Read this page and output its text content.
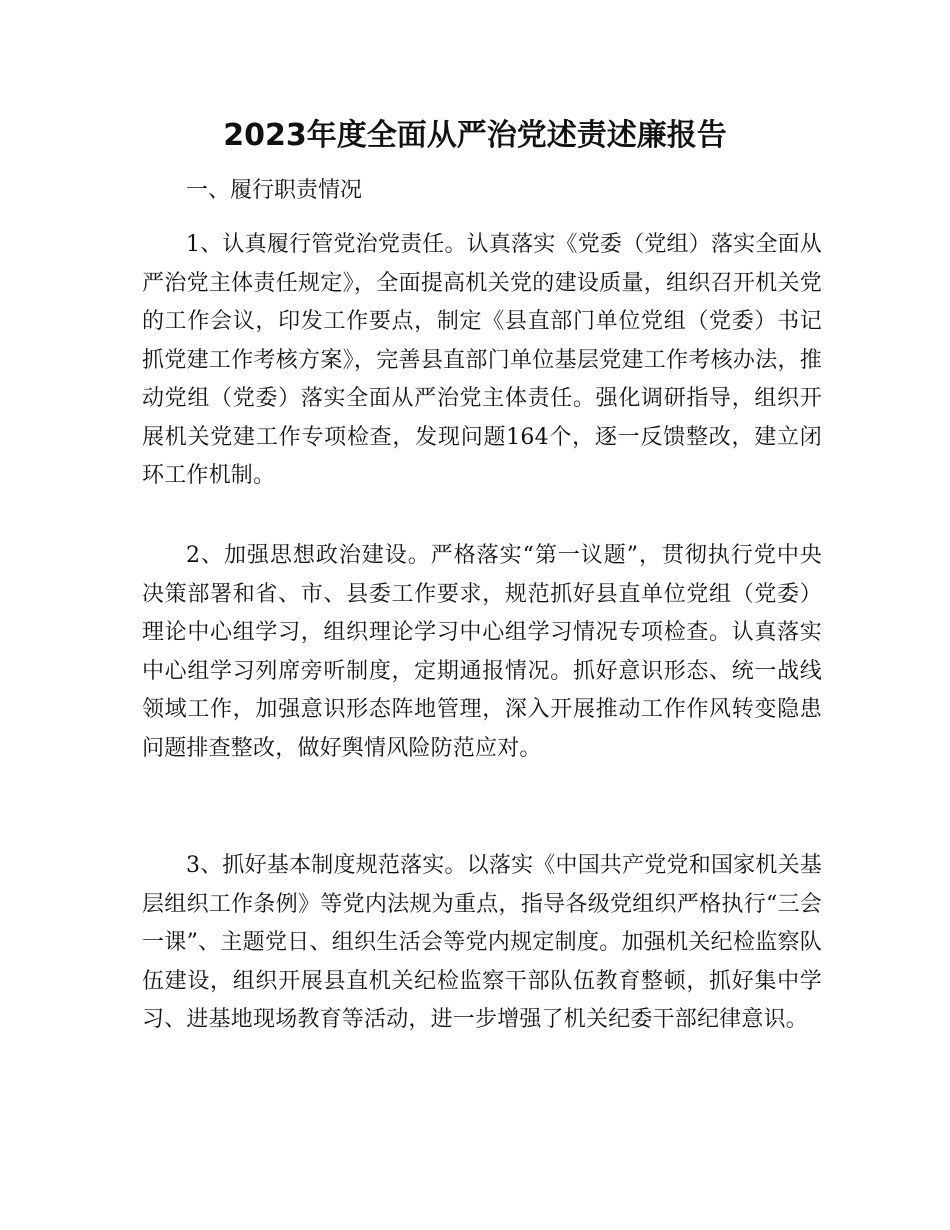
2023年度全面从严治党述责述廉报告

一、履行职责情况

1、认真履行管党治党责任。认真落实《党委（党组）落实全面从严治党主体责任规定》，全面提高机关党的建设质量，组织召开机关党的工作会议，印发工作要点，制定《县直部门单位党组（党委）书记抓党建工作考核方案》，完善县直部门单位基层党建工作考核办法，推动党组（党委）落实全面从严治党主体责任。强化调研指导，组织开展机关党建工作专项检查，发现问题164个，逐一反馈整改，建立闭环工作机制。

2、加强思想政治建设。严格落实“第一议题”，贯彻执行党中央决策部署和省、市、县委工作要求，规范抓好县直单位党组（党委）理论中心组学习，组织理论学习中心组学习情况专项检查。认真落实中心组学习列席旁听制度，定期通报情况。抓好意识形态、统一战线领域工作，加强意识形态阵地管理，深入开展推动工作作风转变隐患问题排查整改，做好舆情风险防范应对。

3、抓好基本制度规范落实。以落实《中国共产党党和国家机关基层组织工作条例》等党内法规为重点，指导各级党组织严格执行“三会一课”、主题党日、组织生活会等党内规定制度。加强机关纪检监察队伍建设，组织开展县直机关纪检监察干部队伍教育整顿，抓好集中学习、进基地现场教育等活动，进一步增强了机关纪委干部纪律意识。
